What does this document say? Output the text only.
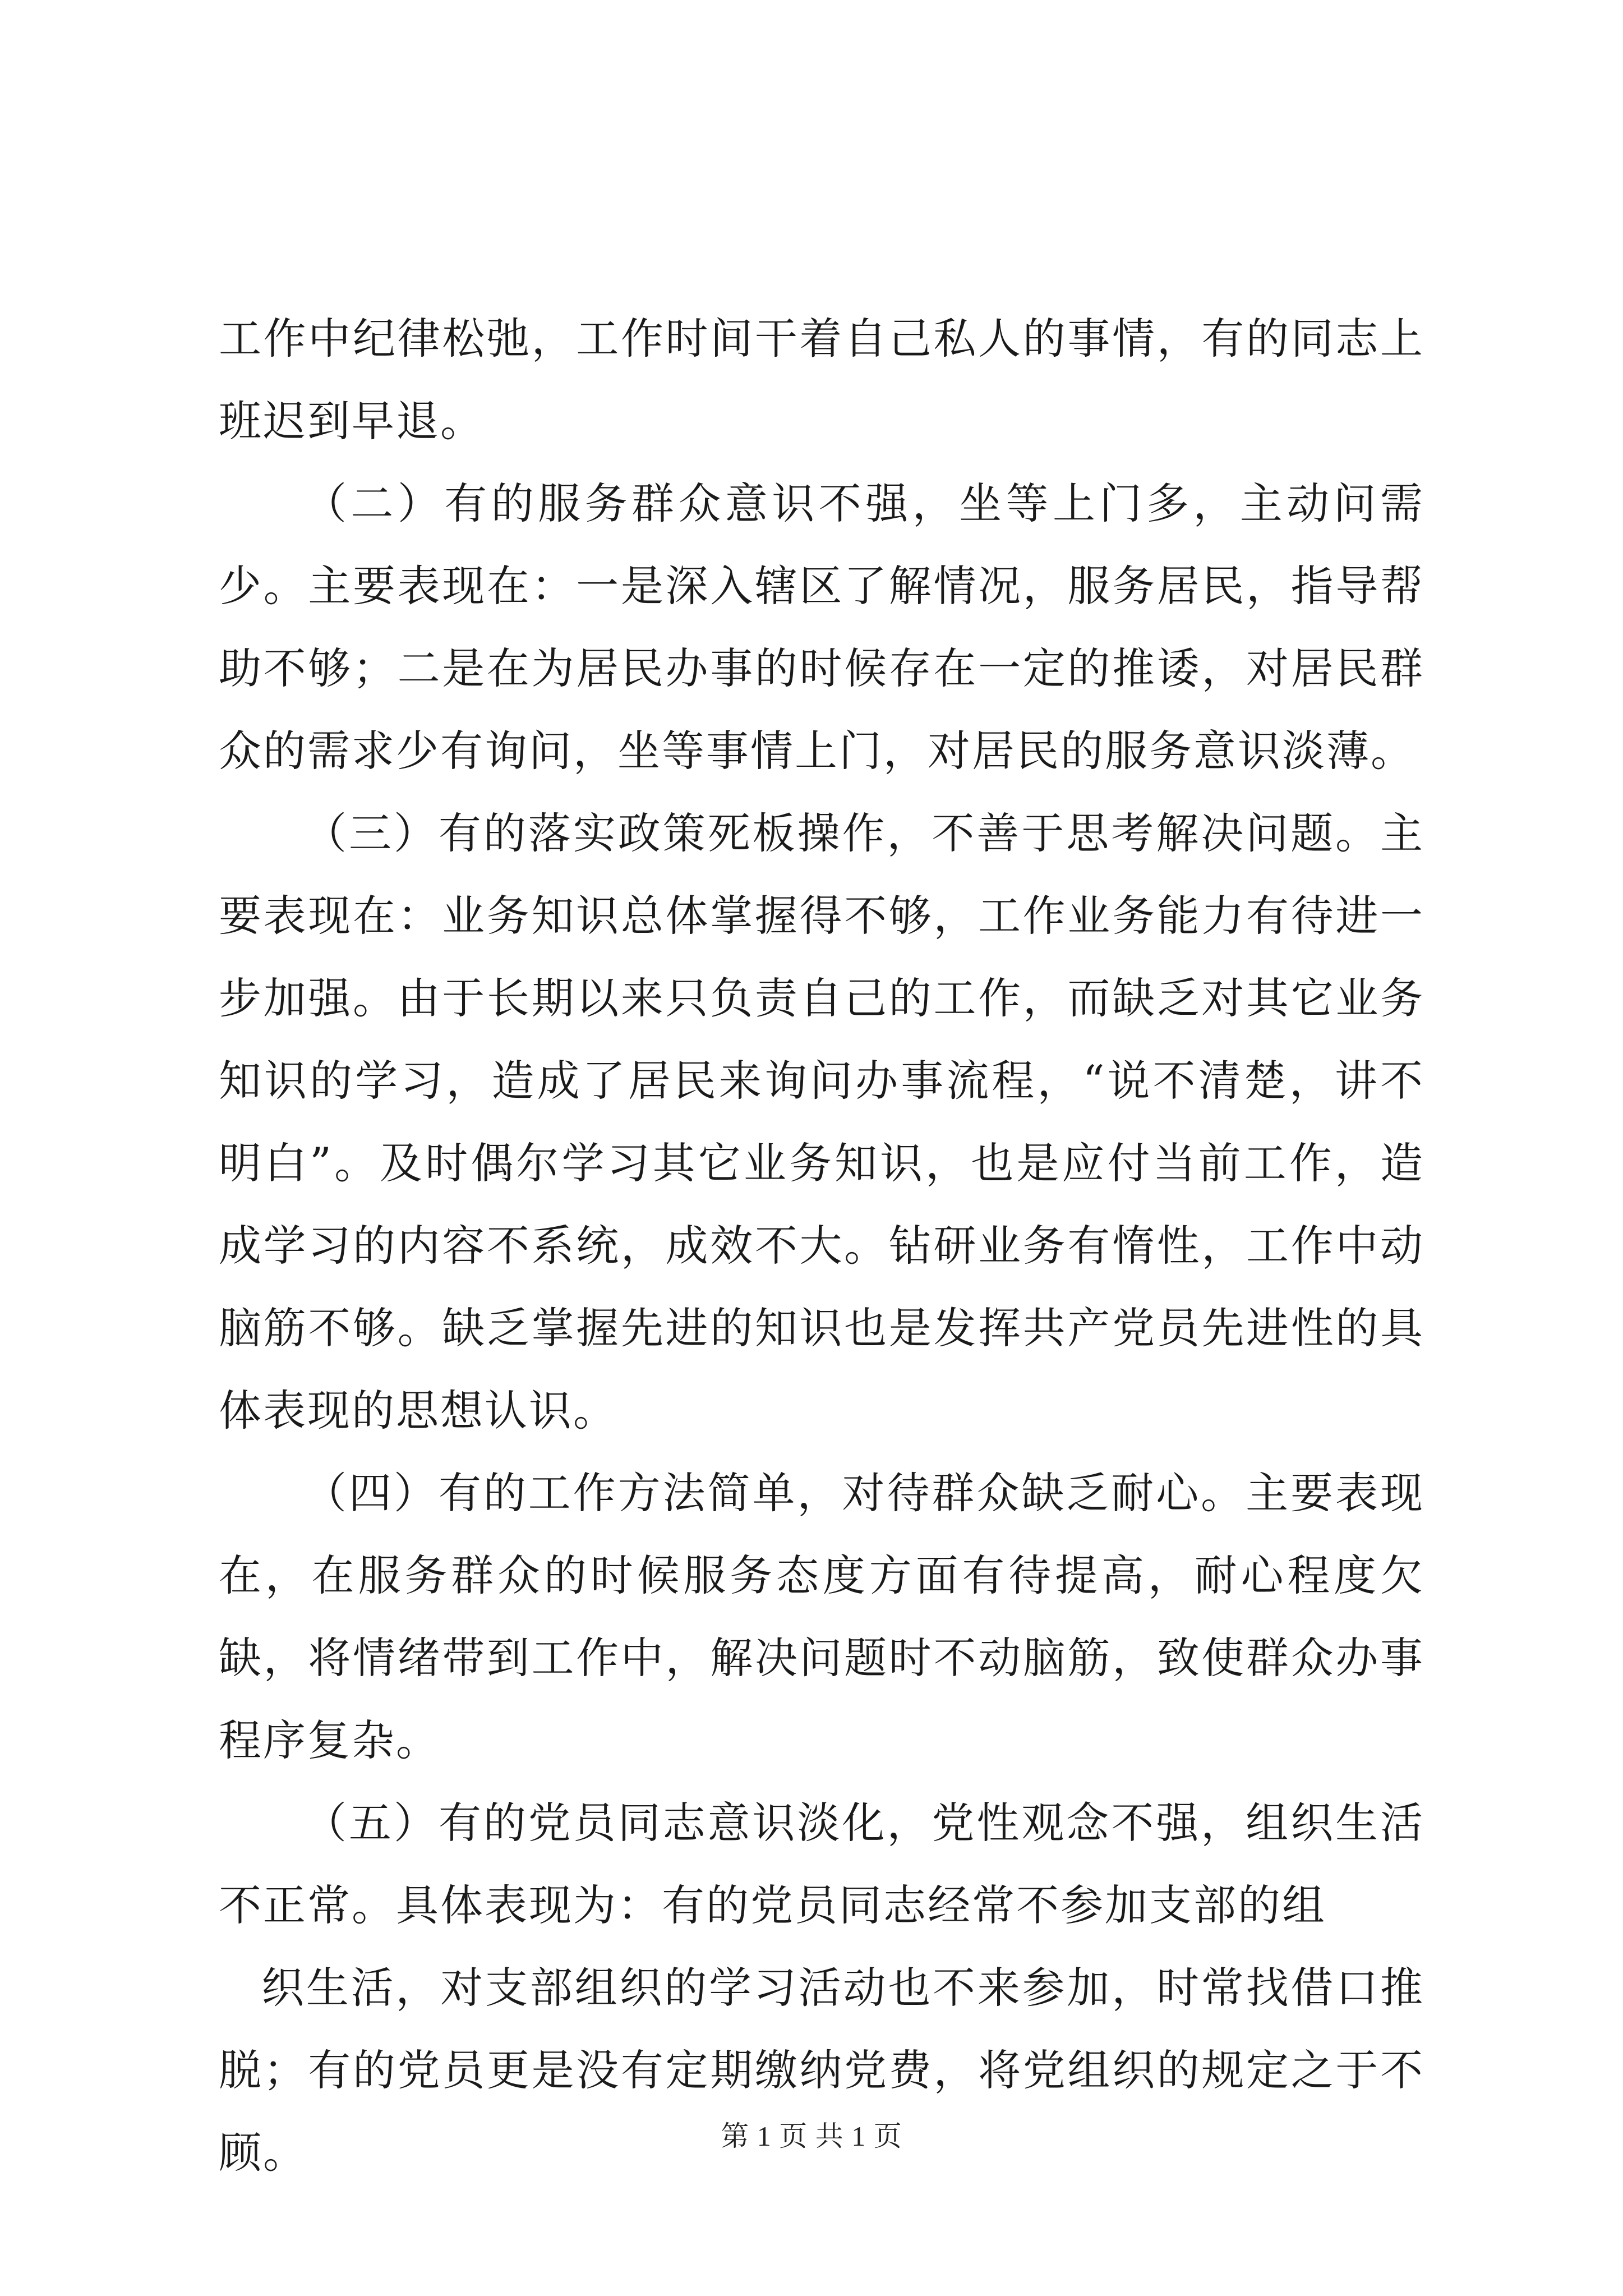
工作中纪律松弛，工作时间干着自己私人的事情，有的同志上班迟到早退。

（二）有的服务群众意识不强，坐等上门多，主动问需少。主要表现在：一是深入辖区了解情况，服务居民，指导帮助不够；二是在为居民办事的时候存在一定的推诿，对居民群众的需求少有询问，坐等事情上门，对居民的服务意识淡薄。

（三）有的落实政策死板操作，不善于思考解决问题。主要表现在：业务知识总体掌握得不够，工作业务能力有待进一步加强。由于长期以来只负责自己的工作，而缺乏对其它业务知识的学习，造成了居民来询问办事流程，“说不清楚，讲不明白”。及时偶尔学习其它业务知识，也是应付当前工作，造成学习的内容不系统，成效不大。钻研业务有惰性，工作中动脑筋不够。缺乏掌握先进的知识也是发挥共产党员先进性的具体表现的思想认识。

（四）有的工作方法简单，对待群众缺乏耐心。主要表现在，在服务群众的时候服务态度方面有待提高，耐心程度欠缺，将情绪带到工作中，解决问题时不动脑筋，致使群众办事程序复杂。

（五）有的党员同志意识淡化，党性观念不强，组织生活不正常。具体表现为：有的党员同志经常不参加支部的组

织生活，对支部组织的学习活动也不来参加，时常找借口推脱；有的党员更是没有定期缴纳党费，将党组织的规定之于不顾。	第 1 页 共 1 页
